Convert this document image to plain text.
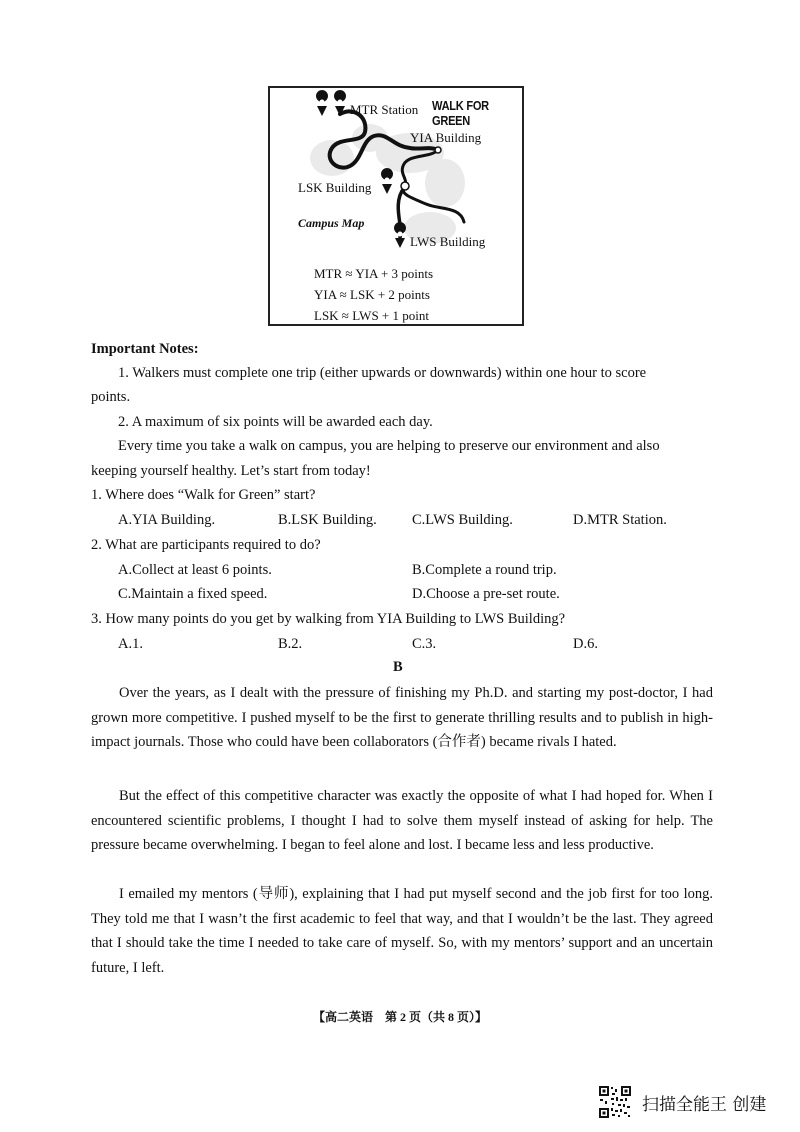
MTR Station WALK FOR GREEN
YIA Building
LSK Building
Campus Map
LWS Building
MTR ≈ YIA + 3 points
YIA ≈ LSK + 2 points
LSK ≈ LWS + 1 point
Important Notes:
1. Walkers must complete one trip (either upwards or downwards) within one hour to score
points.
2. A maximum of six points will be awarded each day.
Every time you take a walk on campus, you are helping to preserve our environment and also
keeping yourself healthy. Let’s start from today!
1. Where does “Walk for Green” start?
A.YIA Building.	B.LSK Building. C.LWS Building.	D.MTR Station.
2. What are participants required to do?
A.Collect at least 6 points.	B.Complete a round trip.
C.Maintain a fixed speed.	D.Choose a pre-set route.
3. How many points do you get by walking from YIA Building to LWS Building?
A.1.	B.2.	C.3.	D.6.
B
Over the years, as I dealt with the pressure of finishing my Ph.D. and starting my post-doctor, I had grown more competitive. I pushed myself to be the first to generate thrilling results and to publish in high-impact journals. Those who could have been collaborators (合作者) became rivals I hated.
But the effect of this competitive character was exactly the opposite of what I had hoped for. When I encountered scientific problems, I thought I had to solve them myself instead of asking for help. The pressure became overwhelming. I began to feel alone and lost. I became less and less productive.
I emailed my mentors (导师), explaining that I had put myself second and the job first for too long. They told me that I wasn’t the first academic to feel that way, and that I wouldn’t be the last. They agreed that I should take the time I needed to take care of myself. So, with my mentors’ support and an uncertain future, I left.
【高二英语　第 2 页（共 8 页）】
扫描全能王 创建
